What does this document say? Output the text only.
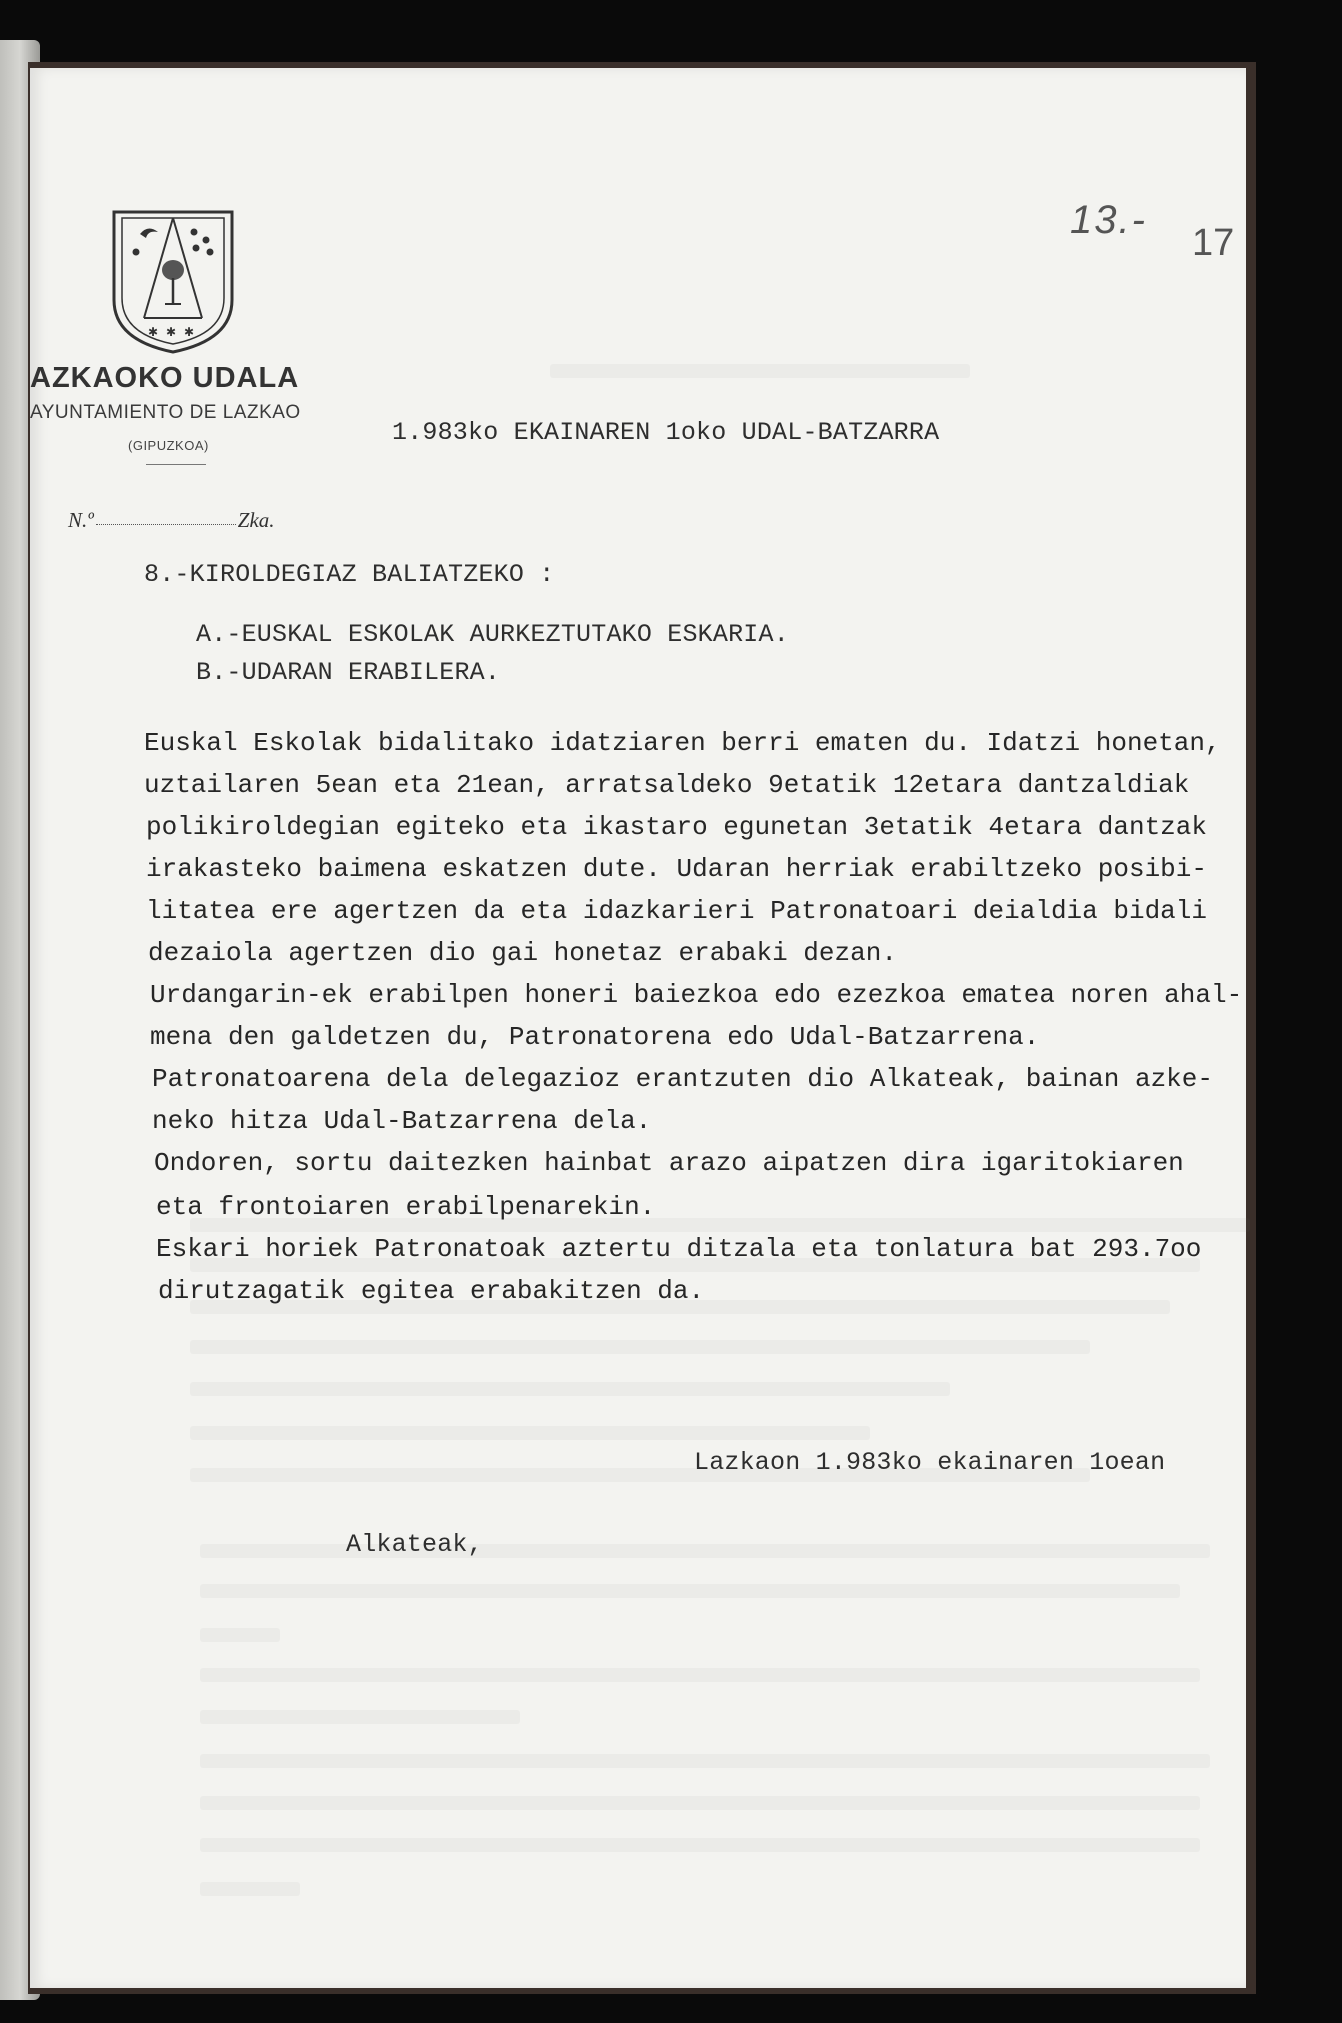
✱ ✱ ✱
AZKAOKO UDALA
AYUNTAMIENTO DE LAZKAO
(GIPUZKOA)
N.º	Zka.
13.-
17
1.983ko EKAINAREN 1oko UDAL-BATZARRA
8.-KIROLDEGIAZ BALIATZEKO :
A.-EUSKAL ESKOLAK AURKEZTUTAKO ESKARIA.
B.-UDARAN ERABILERA.
Euskal Eskolak bidalitako idatziaren berri ematen du. Idatzi honetan,
uztailaren 5ean eta 21ean, arratsaldeko 9etatik 12etara dantzaldiak
polikiroldegian egiteko eta ikastaro egunetan 3etatik 4etara dantzak
irakasteko baimena eskatzen dute. Udaran herriak erabiltzeko posibi-
litatea ere agertzen da eta idazkarieri Patronatoari deialdia bidali
dezaiola agertzen dio gai honetaz erabaki dezan.
Urdangarin-ek erabilpen honeri baiezkoa edo ezezkoa ematea noren ahal-
mena den galdetzen du, Patronatorena edo Udal-Batzarrena.
Patronatoarena dela delegazioz erantzuten dio Alkateak, bainan azke-
neko hitza Udal-Batzarrena dela.
Ondoren, sortu daitezken hainbat arazo aipatzen dira igaritokiaren
eta frontoiaren erabilpenarekin.
Eskari horiek Patronatoak aztertu ditzala eta tonlatura bat 293.7oo
dirutzagatik egitea erabakitzen da.
Lazkaon 1.983ko ekainaren 1oean
Alkateak,
